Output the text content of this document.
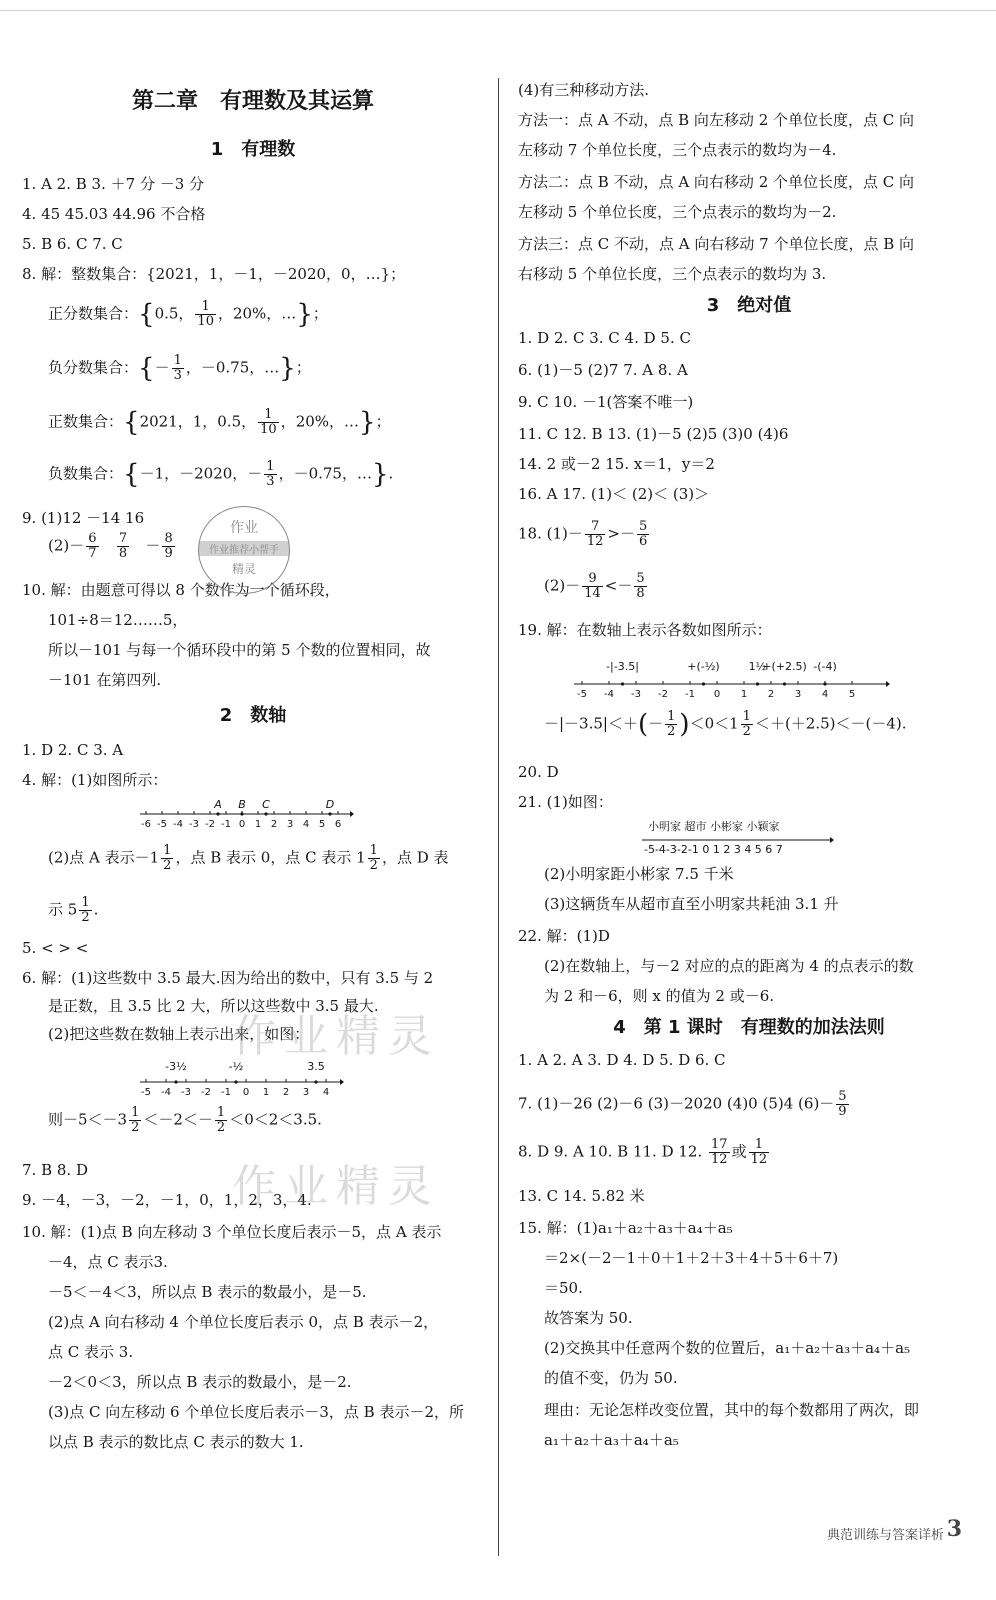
第二章　有理数及其运算
1　有理数
1. A 2. B 3. ＋7 分 －3 分
4. 45 45.03 44.96 不合格
5. B 6. C 7. C
8. 解：整数集合：{2021，1，－1，－2020，0，…}；
正分数集合：{0.5， $\frac{1}{10}$ ，20%，…}；
负分数集合：{－ $\frac{1}{3}$ ，－0.75，…}；
正数集合：{2021，1，0.5， $\frac{1}{10}$ ，20%，…}；
负数集合：{－1，－2020，－ $\frac{1}{3}$ ，－0.75，…}.
9. (1)12 －14 16
$(2)- \frac{6}{7}$
$\frac{7}{8} - \frac{8}{9}$
10. 解：由题意可得以 8 个数作为一个循环段，
101÷8＝12……5，
所以－101 与每一个循环段中的第 5 个数的位置相同，故
－101 在第四列.
2　数轴
1. D 2. C 3. A
4. 解：(1)如图所示：
-6 -5 -4 -3 -2 -1 0 1 2 3 4 5 6
A B C	D
(2)点 A 表示$-1 \frac{1}{2}$ ，点 B 表示 0，点 C 表示 $1 \frac{1}{2}$ ，点 D 表
示 $5 \frac{1}{2}$ .
5. < > <
6. 解：(1)这些数中 3.5 最大.因为给出的数中，只有 3.5 与 2
是正数，且 3.5 比 2 大，所以这些数中 3.5 最大.
(2)把这些数在数轴上表示出来，如图：
-5 -4 -3 -2 -1 0 1 2 3 4
-3½	-½	3.5
则$-5<-3 \frac{1}{2} <-2<- \frac{1}{2} <0<2<3.5$.
7. B 8. D
9. －4，－3，－2，－1，0，1，2，3，4.
10. 解：(1)点 B 向左移动 3 个单位长度后表示－5，点 A 表示
－4，点 C 表示3.
－5＜－4＜3，所以点 B 表示的数最小，是－5.
(2)点 A 向右移动 4 个单位长度后表示 0，点 B 表示－2，
点 C 表示 3.
－2＜0＜3，所以点 B 表示的数最小，是－2.
(3)点 C 向左移动 6 个单位长度后表示－3，点 B 表示－2，所
以点 B 表示的数比点 C 表示的数大 1.
(4)有三种移动方法.
方法一：点 A 不动，点 B 向左移动 2 个单位长度，点 C 向
左移动 7 个单位长度，三个点表示的数均为－4.
方法二：点 B 不动，点 A 向右移动 2 个单位长度，点 C 向
左移动 5 个单位长度，三个点表示的数均为－2.
方法三：点 C 不动，点 A 向右移动 7 个单位长度，点 B 向
右移动 5 个单位长度，三个点表示的数均为 3.
3　绝对值
1. D 2. C 3. C 4. D 5. C
6. (1)－5 (2)7 7. A 8. A
9. C 10. －1(答案不唯一)
11. C 12. B 13. (1)－5 (2)5 (3)0 (4)6
14. 2 或－2 15. x＝1，y＝2
16. A 17. (1)＜ (2)＜ (3)＞
18. $(1)- \frac{7}{12} >- \frac{5}{6}$
$(2)- \frac{9}{14} <- \frac{5}{8}$
19. 解：在数轴上表示各数如图所示：
-5 -4 -3 -2 -1 0 1 2 3 4 5
-|-3.5|	+(-½)	1½
+(+2.5) -(-4)
$-|-3.5|<+(- \frac{1}{2} )<0<1 \frac{1}{2} <+(+2.5)<-(-4)$.
20. D
21. (1)如图：
小明家 超市 小彬家 小颖家
-5-4-3-2-1 0 1 2 3 4 5 6 7
(2)小明家距小彬家 7.5 千米
(3)这辆货车从超市直至小明家共耗油 3.1 升
22. 解：(1)D
(2)在数轴上，与－2 对应的点的距离为 4 的点表示的数
为 2 和－6，则 x 的值为 2 或－6.
4　第 1 课时　有理数的加法法则
1. A 2. A 3. D 4. D 5. D 6. C
7. (1)－26 (2)－6 (3)－2020 (4)0 (5)4 $(6)- \frac{5}{9}$
8. D 9. A 10. B 11. D 12. $\frac{17}{12}$ 或 $\frac{1}{12}$
13. C 14. 5.82 米
15. 解：(1)a₁＋a₂＋a₃＋a₄＋a₅
＝2×(－2－1＋0＋1＋2＋3＋4＋5＋6＋7)
＝50.
故答案为 50.
(2)交换其中任意两个数的位置后，a₁＋a₂＋a₃＋a₄＋a₅
的值不变，仍为 50.
理由：无论怎样改变位置，其中的每个数都用了两次，即
a₁＋a₂＋a₃＋a₄＋a₅
作业
作业推荐小帮手
精灵
作业精灵
作业精灵
典范训练与答案详析 3
